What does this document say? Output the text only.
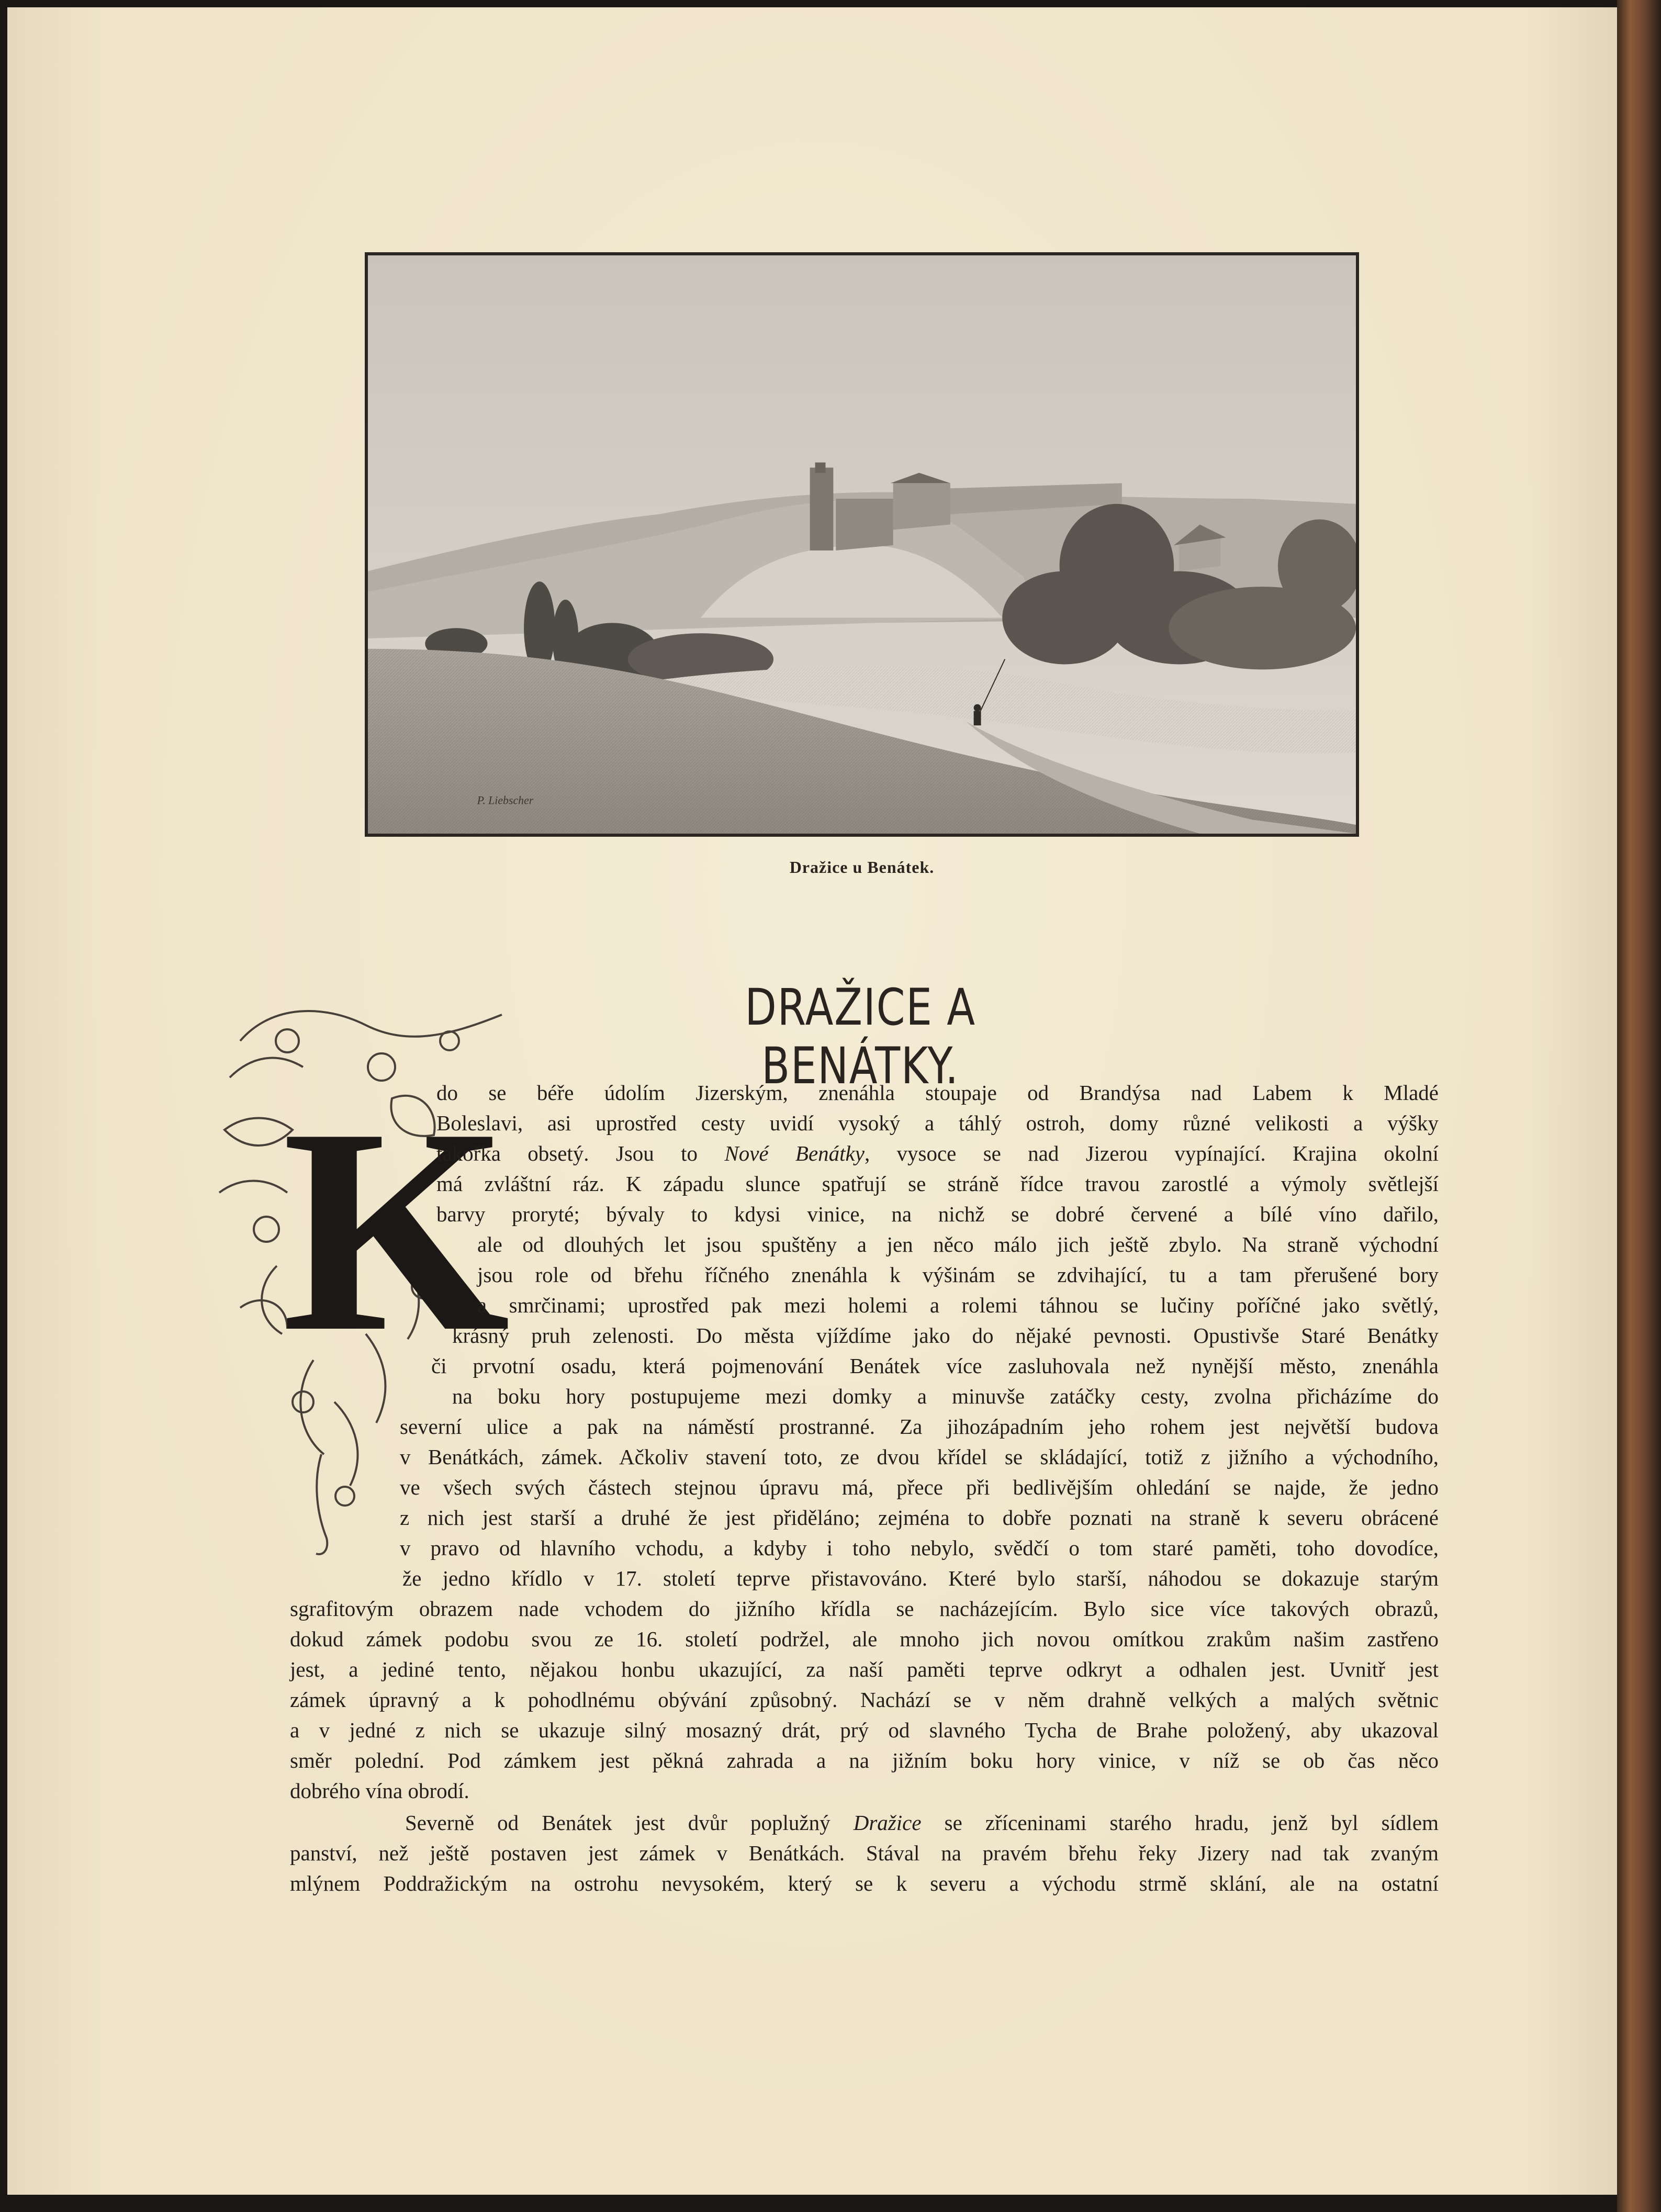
P. Liebscher
Dražice u Benátek.
DRAŽICE A BENÁTKY.
K
do se béře údolím Jizerským, znenáhla stoupaje od Brandýsa nad Labem k Mladé
Boleslavi, asi uprostřed cesty uvidí vysoký a táhlý ostroh, domy různé velikosti a výšky
takořka obsetý. Jsou to Nové Benátky, vysoce se nad Jizerou vypínající. Krajina okolní
má zvláštní ráz. K západu slunce spatřují se stráně řídce travou zarostlé a výmoly světlejší
barvy proryté; bývaly to kdysi vinice, na nichž se dobré červené a bílé víno dařilo,
ale od dlouhých let jsou spuštěny a jen něco málo jich ještě zbylo. Na straně východní
jsou role od břehu říčného znenáhla k výšinám se zdvihající, tu a tam přerušené bory
a smrčinami; uprostřed pak mezi holemi a rolemi táhnou se lučiny poříčné jako světlý,
krásný pruh zelenosti. Do města vjíždíme jako do nějaké pevnosti. Opustivše Staré Benátky
či prvotní osadu, která pojmenování Benátek více zasluhovala než nynější město, znenáhla
na boku hory postupujeme mezi domky a minuvše zatáčky cesty, zvolna přicházíme do
severní ulice a pak na náměstí prostranné. Za jihozápadním jeho rohem jest největší budova
v Benátkách, zámek. Ačkoliv stavení toto, ze dvou křídel se skládající, totiž z jižního a východního,
ve všech svých částech stejnou úpravu má, přece při bedlivějším ohledání se najde, že jedno
z nich jest starší a druhé že jest přiděláno; zejména to dobře poznati na straně k severu obrácené
v pravo od hlavního vchodu, a kdyby i toho nebylo, svědčí o tom staré paměti, toho dovodíce,
že jedno křídlo v 17. století teprve přistavováno. Které bylo starší, náhodou se dokazuje starým
sgrafitovým obrazem nade vchodem do jižního křídla se nacházejícím. Bylo sice více takových obrazů,
dokud zámek podobu svou ze 16. století podržel, ale mnoho jich novou omítkou zrakům našim zastřeno
jest, a jediné tento, nějakou honbu ukazující, za naší paměti teprve odkryt a odhalen jest. Uvnitř jest
zámek úpravný a k pohodlnému obývání způsobný. Nachází se v něm drahně velkých a malých světnic
a v jedné z nich se ukazuje silný mosazný drát, prý od slavného Tycha de Brahe položený, aby ukazoval
směr polední. Pod zámkem jest pěkná zahrada a na jižním boku hory vinice, v níž se ob čas něco
dobrého vína obrodí.
Severně od Benátek jest dvůr poplužný Dražice se zříceninami starého hradu, jenž byl sídlem
panství, než ještě postaven jest zámek v Benátkách. Stával na pravém břehu řeky Jizery nad tak zvaným
mlýnem Poddražickým na ostrohu nevysokém, který se k severu a východu strmě sklání, ale na ostatní
